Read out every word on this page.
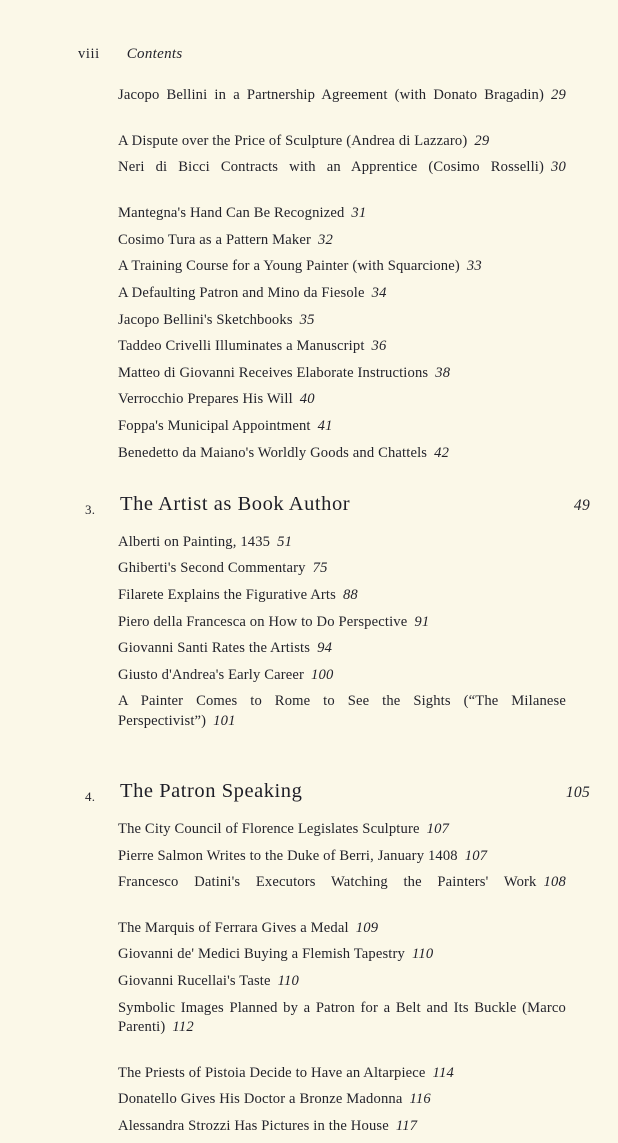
viii Contents
Jacopo Bellini in a Partnership Agreement (with Donato Bragadin) 29
A Dispute over the Price of Sculpture (Andrea di Lazzaro) 29
Neri di Bicci Contracts with an Apprentice (Cosimo Rosselli) 30
Mantegna's Hand Can Be Recognized 31
Cosimo Tura as a Pattern Maker 32
A Training Course for a Young Painter (with Squarcione) 33
A Defaulting Patron and Mino da Fiesole 34
Jacopo Bellini's Sketchbooks 35
Taddeo Crivelli Illuminates a Manuscript 36
Matteo di Giovanni Receives Elaborate Instructions 38
Verrocchio Prepares His Will 40
Foppa's Municipal Appointment 41
Benedetto da Maiano's Worldly Goods and Chattels 42
3. The Artist as Book Author	49
Alberti on Painting, 1435 51
Ghiberti's Second Commentary 75
Filarete Explains the Figurative Arts 88
Piero della Francesca on How to Do Perspective 91
Giovanni Santi Rates the Artists 94
Giusto d'Andrea's Early Career 100
A Painter Comes to Rome to See the Sights (“The Milanese Perspectivist”) 101
4. The Patron Speaking	105
The City Council of Florence Legislates Sculpture 107
Pierre Salmon Writes to the Duke of Berri, January 1408 107
Francesco Datini's Executors Watching the Painters' Work 108
The Marquis of Ferrara Gives a Medal 109
Giovanni de' Medici Buying a Flemish Tapestry 110
Giovanni Rucellai's Taste 110
Symbolic Images Planned by a Patron for a Belt and Its Buckle (Marco Parenti) 112
The Priests of Pistoia Decide to Have an Altarpiece 114
Donatello Gives His Doctor a Bronze Madonna 116
Alessandra Strozzi Has Pictures in the House 117
